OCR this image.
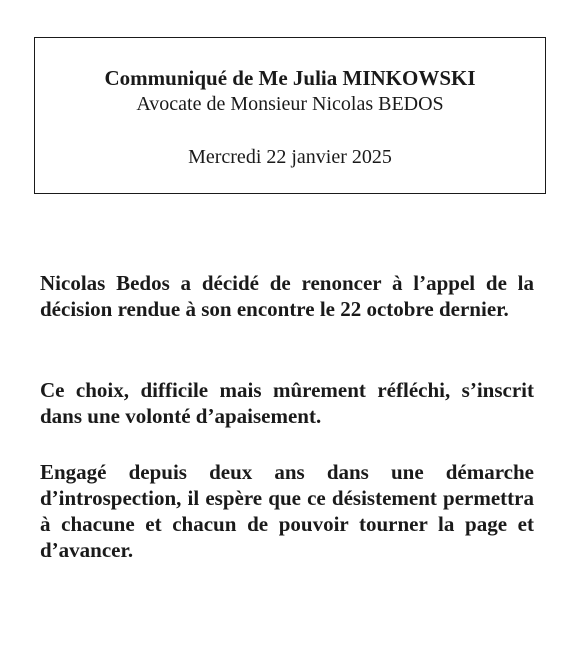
Communiqué de Me Julia MINKOWSKI
Avocate de Monsieur Nicolas BEDOS
Mercredi 22 janvier 2025

Nicolas Bedos a décidé de renoncer à l’appel de la décision rendue à son encontre le 22 octobre dernier.

Ce choix, difficile mais mûrement réfléchi, s’inscrit dans une volonté d’apaisement.

Engagé depuis deux ans dans une démarche d’introspection, il espère que ce désistement permettra à chacune et chacun de pouvoir tourner la page et d’avancer.
